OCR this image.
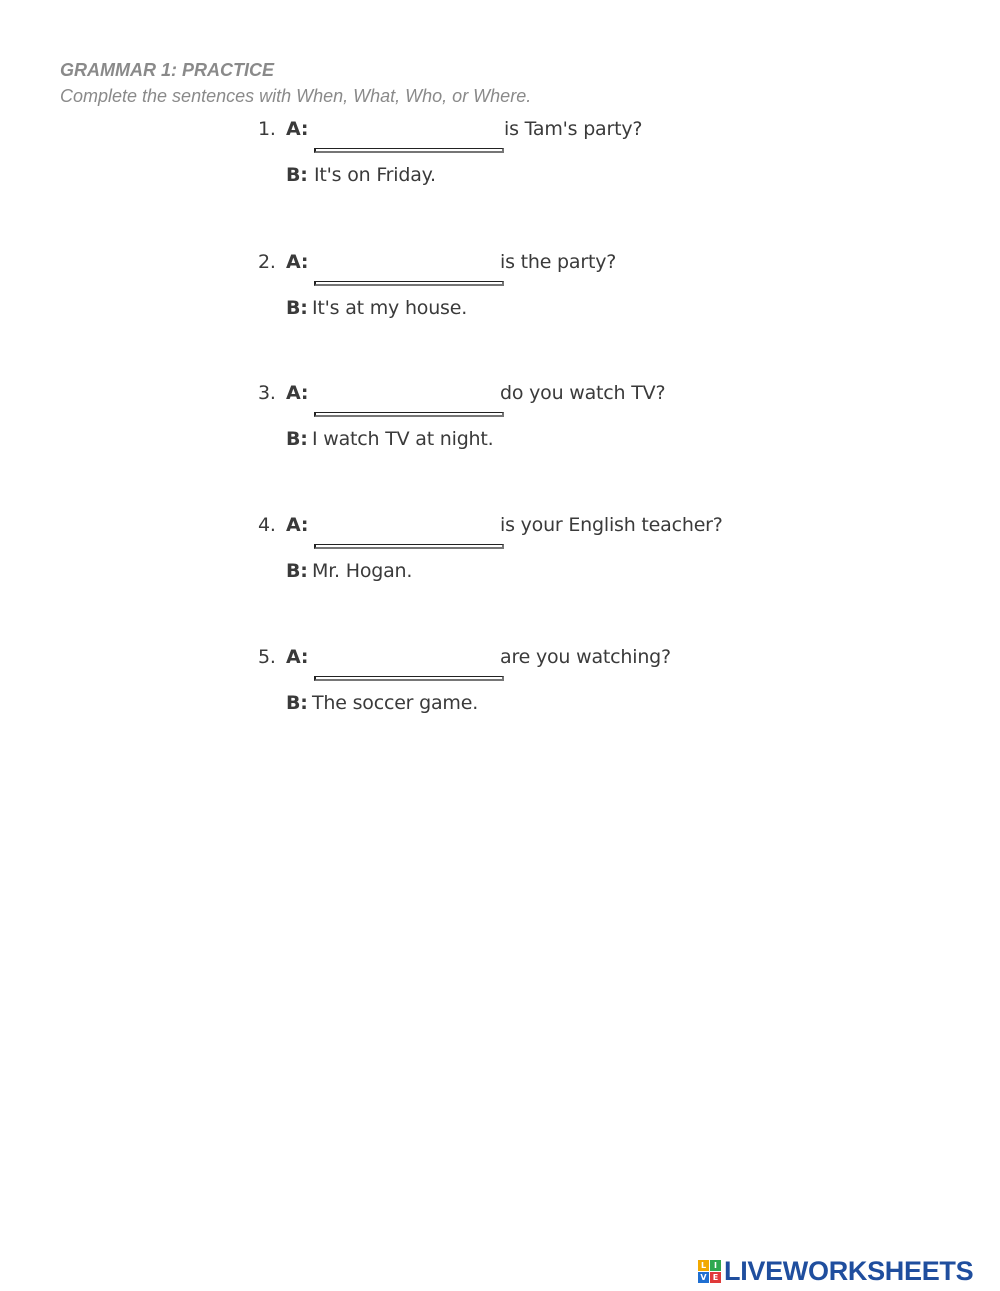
GRAMMAR 1: PRACTICE

Complete the sentences with When, What, Who, or Where.

1. A:	is Tam's party?
B: It's on Friday.
2. A:	is the party?
B: It's at my house.
3. A:	do you watch TV?
B: I watch TV at night.
4. A:	is your English teacher?
B: Mr. Hogan.
5. A:	are you watching?
B: The soccer game.
L I
V E LIVEWORKSHEETS
